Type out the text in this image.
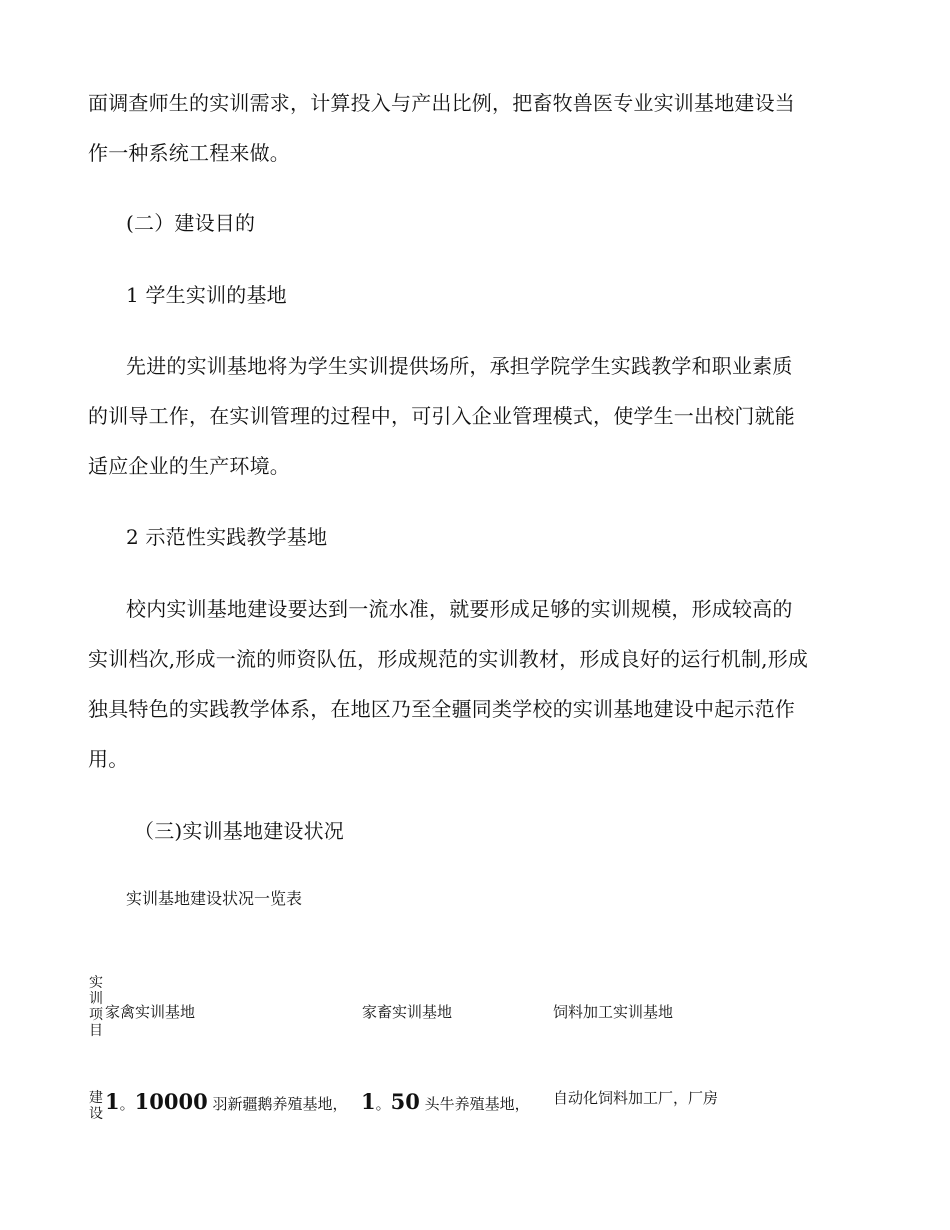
面调查师生的实训需求，计算投入与产出比例，把畜牧兽医专业实训基地建设当
作一种系统工程来做。
(二）建设目的
1 学生实训的基地
先进的实训基地将为学生实训提供场所，承担学院学生实践教学和职业素质
的训导工作，在实训管理的过程中，可引入企业管理模式，使学生一出校门就能
适应企业的生产环境。
2 示范性实践教学基地
校内实训基地建设要达到一流水准，就要形成足够的实训规模，形成较高的
实训档次,形成一流的师资队伍，形成规范的实训教材，形成良好的运行机制,形成
独具特色的实践教学体系，在地区乃至全疆同类学校的实训基地建设中起示范作
用。
（三)实训基地建设状况
实训基地建设状况一览表
实训项目
家禽实训基地	家畜实训基地	饲料加工实训基地
建设 1。10000 羽新疆鹅养殖基地， 1。50 头牛养殖基地， 自动化饲料加工厂，厂房
